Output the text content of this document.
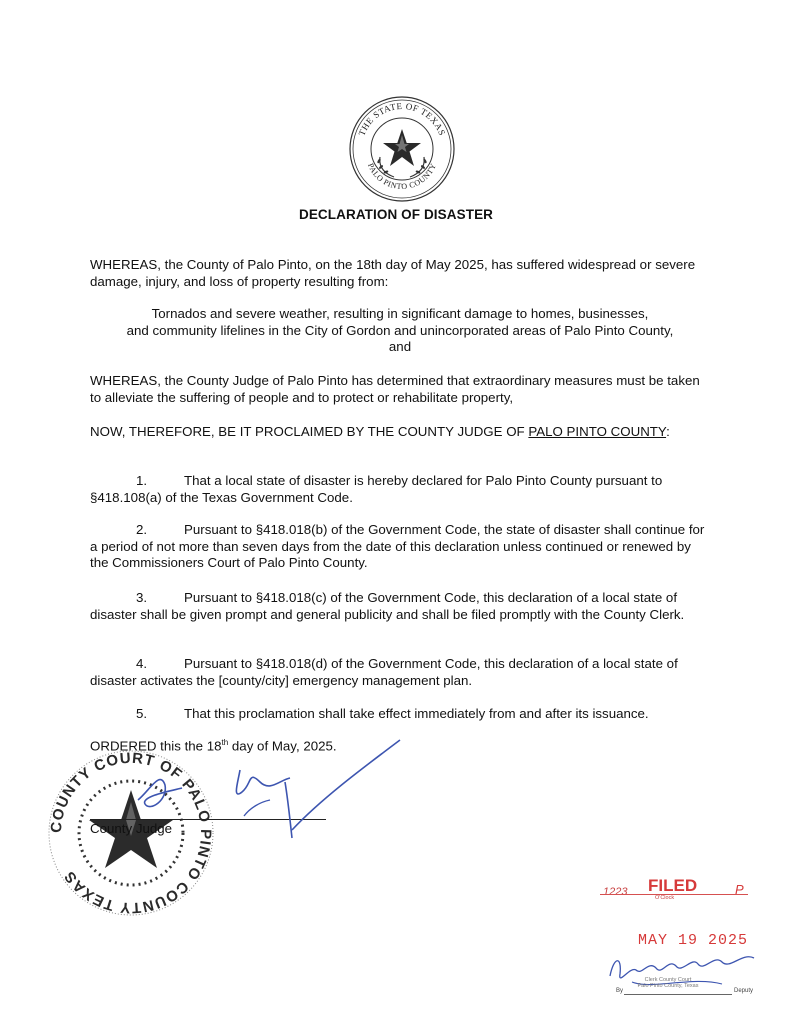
THE STATE OF TEXAS
PALO PINTO COUNTY
DECLARATION OF DISASTER
WHEREAS, the County of Palo Pinto, on the 18th day of May 2025, has suffered widespread or severe damage, injury, and loss of property resulting from:
Tornados and severe weather, resulting in significant damage to homes, businesses,
and community lifelines in the City of Gordon and unincorporated areas of Palo Pinto County,
and
WHEREAS, the County Judge of Palo Pinto has determined that extraordinary measures must be taken to alleviate the suffering of people and to protect or rehabilitate property,
NOW, THEREFORE, BE IT PROCLAIMED BY THE COUNTY JUDGE OF PALO PINTO COUNTY:
1.	That a local state of disaster is hereby declared for Palo Pinto County pursuant to §418.108(a) of the Texas Government Code.
2.	Pursuant to §418.018(b) of the Government Code, the state of disaster shall continue for a period of not more than seven days from the date of this declaration unless continued or renewed by the Commissioners Court of Palo Pinto County.
3.	Pursuant to §418.018(c) of the Government Code, this declaration of a local state of disaster shall be given prompt and general publicity and shall be filed promptly with the County Clerk.
4.	Pursuant to §418.018(d) of the Government Code, this declaration of a local state of disaster activates the [county/city] emergency management plan.
5.	That this proclamation shall take effect immediately from and after its issuance.
ORDERED this the 18th day of May, 2025.
COUNTY COURT OF PALO PINTO COUNTY TEXAS
County Judge
1223 FILED	P
O'Clock
MAY 19 2025
Clerk County Court
Palo Pinto County, Texas
By	Deputy
